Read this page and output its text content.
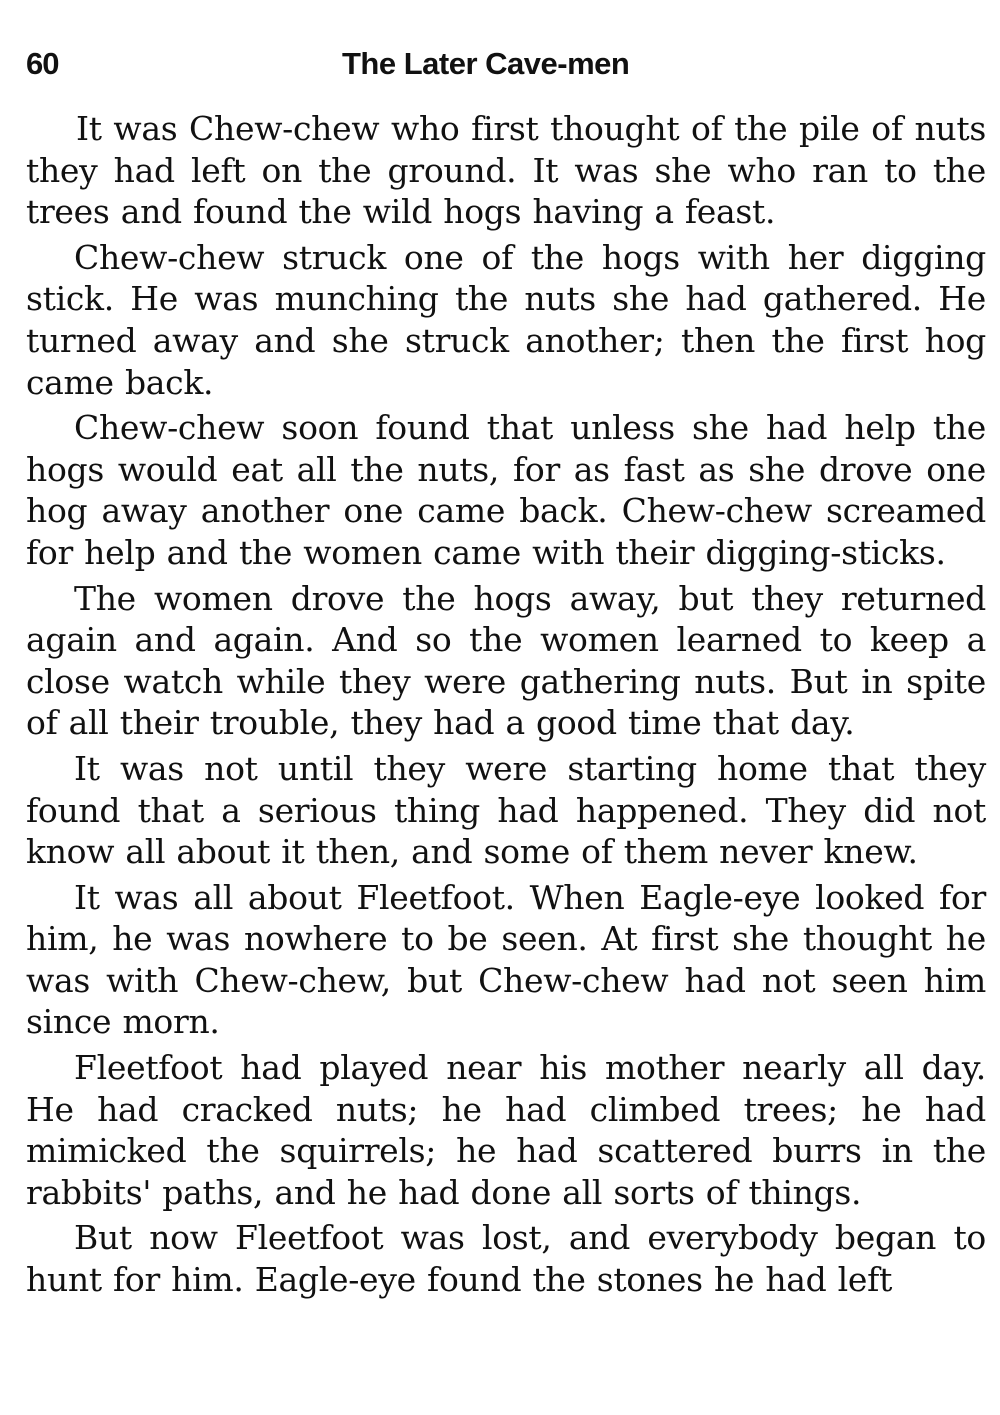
60	The Later Cave-men

It was Chew-chew who first thought of the pile of nuts they had left on the ground. It was she who ran to the trees and found the wild hogs having a feast.

Chew-chew struck one of the hogs with her digging stick. He was munching the nuts she had gathered. He turned away and she struck another; then the first hog came back.

Chew-chew soon found that unless she had help the hogs would eat all the nuts, for as fast as she drove one hog away another one came back. Chew-chew screamed for help and the women came with their digging-sticks.

The women drove the hogs away, but they returned again and again. And so the women learned to keep a close watch while they were gathering nuts. But in spite of all their trouble, they had a good time that day.

It was not until they were starting home that they found that a serious thing had happened. They did not know all about it then, and some of them never knew.

It was all about Fleetfoot. When Eagle-eye looked for him, he was nowhere to be seen. At first she thought he was with Chew-chew, but Chew-chew had not seen him since morn.

Fleetfoot had played near his mother nearly all day. He had cracked nuts; he had climbed trees; he had mimicked the squirrels; he had scattered burrs in the rabbits' paths, and he had done all sorts of things.

But now Fleetfoot was lost, and everybody began to hunt for him. Eagle-eye found the stones he had left
